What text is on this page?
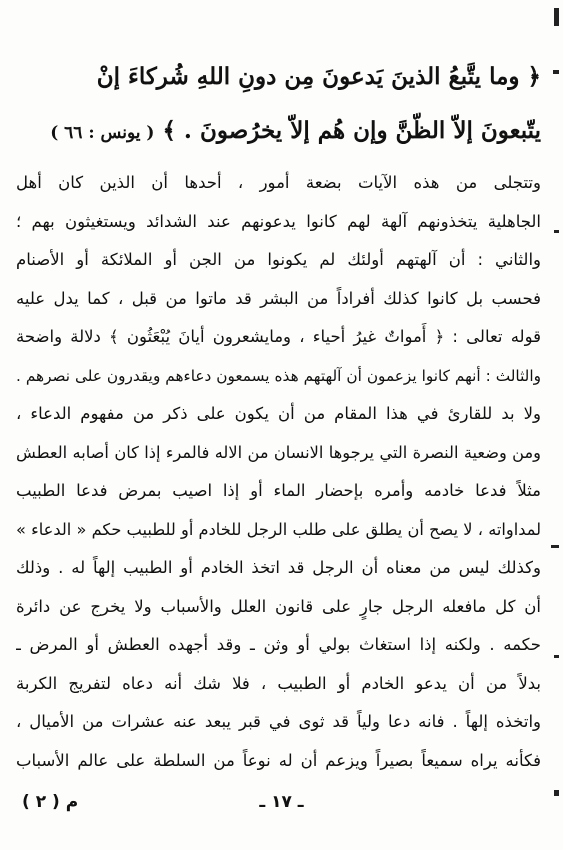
﴿ وما يتَّبعُ الذينَ يَدعونَ مِن دونِ اللهِ شُركاءَ إنْ

يتّبعونَ إلاّ الظّنَّ وإن هُم إلاّ يخرُصونَ . ﴾ ( يونس : ٦٦ )

وتتجلى من هذه الآيات بضعة أمور ، أحدها أن الذين كان أهل
الجاهلية يتخذونهم آلهة لهم كانوا يدعونهم عند الشدائد ويستغيثون بهم ؛
والثاني : أن آلهتهم أولئك لم يكونوا من الجن أو الملائكة أو الأصنام
فحسب بل كانوا كذلك أفراداً من البشر قد ماتوا من قبل ، كما يدل عليه
قوله تعالى : ﴿ أَمواتٌ غيرُ أحياء ، ومايشعرون أيانَ يُبْعَثُون ﴾ دلالة واضحة
والثالث : أنهم كانوا يزعمون أن آلهتهم هذه يسمعون دعاءهم ويقدرون على نصرهم .
ولا بد للقارئ في هذا المقام من أن يكون على ذكر من مفهوم الدعاء ،
ومن وضعية النصرة التي يرجوها الانسان من الاله فالمرء إذا كان أصابه العطش
مثلاً فدعا خادمه وأمره بإحضار الماء أو إذا اصيب بمرض فدعا الطبيب
لمداواته ، لا يصح أن يطلق على طلب الرجل للخادم أو للطبيب حكم « الدعاء »
وكذلك ليس من معناه أن الرجل قد اتخذ الخادم أو الطبيب إلهاً له . وذلك
أن كل مافعله الرجل جارٍ على قانون العلل والأسباب ولا يخرج عن دائرة
حكمه . ولكنه إذا استغاث بولي أو وثن ـ وقد أجهده العطش أو المرض ـ
بدلاً من أن يدعو الخادم أو الطبيب ، فلا شك أنه دعاه لتفريج الكربة
واتخذه إلهاً . فانه دعا ولياً قد ثوى في قبر يبعد عنه عشرات من الأميال ،
فكأنه يراه سميعاً بصيراً ويزعم أن له نوعاً من السلطة على عالم الأسباب
ـ ١٧ ـ
م ( ٢ )
